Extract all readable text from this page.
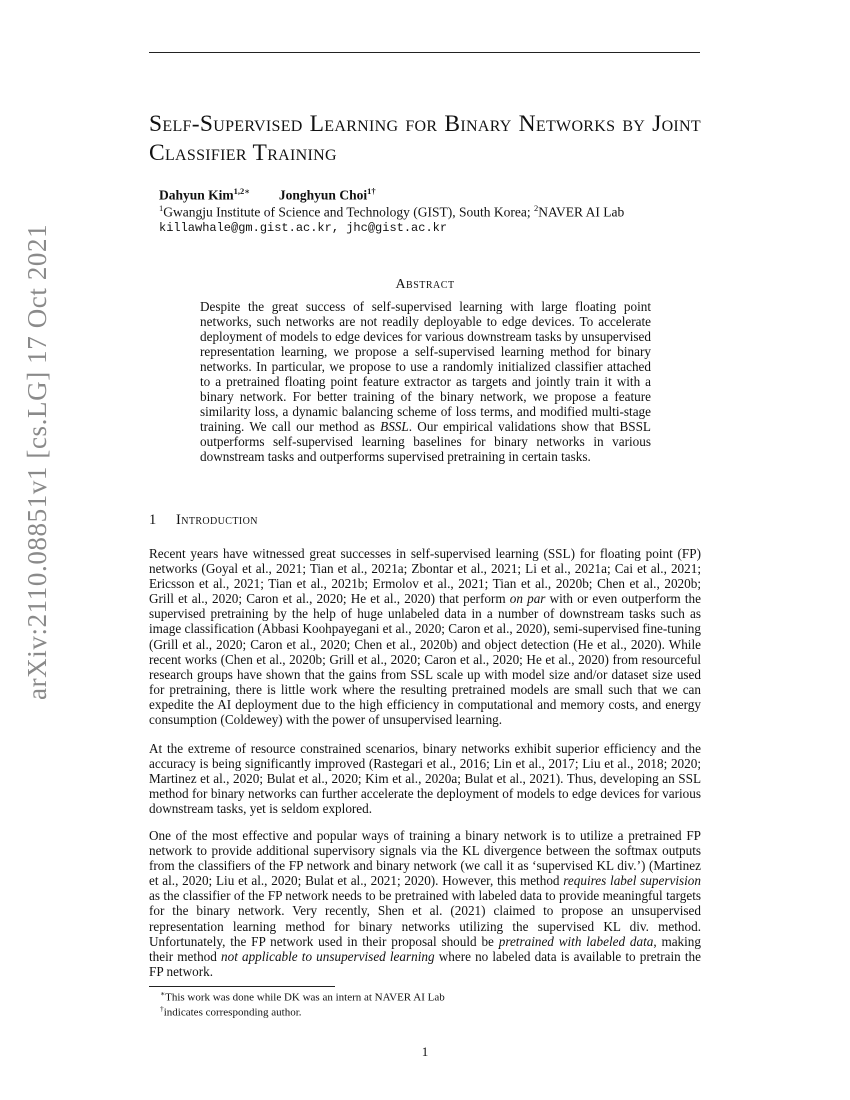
arXiv:2110.08851v1 [cs.LG] 17 Oct 2021
Self-Supervised Learning for Binary Networks by Joint Classifier Training
Dahyun Kim$^{1,2∗}$ Jonghyun Choi$^{1\dagger}$
$^1$Gwangju Institute of Science and Technology (GIST), South Korea; $^2$NAVER AI Lab
killawhale@gm.gist.ac.kr, jhc@gist.ac.kr
Abstract

Despite the great success of self-supervised learning with large floating point networks, such networks are not readily deployable to edge devices. To accelerate deployment of models to edge devices for various downstream tasks by unsupervised representation learning, we propose a self-supervised learning method for binary networks. In particular, we propose to use a randomly initialized classifier attached to a pretrained floating point feature extractor as targets and jointly train it with a binary network. For better training of the binary network, we propose a feature similarity loss, a dynamic balancing scheme of loss terms, and modified multi-stage training. We call our method as BSSL. Our empirical validations show that BSSL outperforms self-supervised learning baselines for binary networks in various downstream tasks and outperforms supervised pretraining in certain tasks.

1 Introduction

Recent years have witnessed great successes in self-supervised learning (SSL) for floating point (FP) networks (Goyal et al., 2021; Tian et al., 2021a; Zbontar et al., 2021; Li et al., 2021a; Cai et al., 2021; Ericsson et al., 2021; Tian et al., 2021b; Ermolov et al., 2021; Tian et al., 2020b; Chen et al., 2020b; Grill et al., 2020; Caron et al., 2020; He et al., 2020) that perform on par with or even outperform the supervised pretraining by the help of huge unlabeled data in a number of downstream tasks such as image classification (Abbasi Koohpayegani et al., 2020; Caron et al., 2020), semi-supervised fine-tuning (Grill et al., 2020; Caron et al., 2020; Chen et al., 2020b) and object detection (He et al., 2020). While recent works (Chen et al., 2020b; Grill et al., 2020; Caron et al., 2020; He et al., 2020) from resourceful research groups have shown that the gains from SSL scale up with model size and/or dataset size used for pretraining, there is little work where the resulting pretrained models are small such that we can expedite the AI deployment due to the high efficiency in computational and memory costs, and energy consumption (Coldewey) with the power of unsupervised learning.

At the extreme of resource constrained scenarios, binary networks exhibit superior efficiency and the accuracy is being significantly improved (Rastegari et al., 2016; Lin et al., 2017; Liu et al., 2018; 2020; Martinez et al., 2020; Bulat et al., 2020; Kim et al., 2020a; Bulat et al., 2021). Thus, developing an SSL method for binary networks can further accelerate the deployment of models to edge devices for various downstream tasks, yet is seldom explored.

One of the most effective and popular ways of training a binary network is to utilize a pretrained FP network to provide additional supervisory signals via the KL divergence between the softmax outputs from the classifiers of the FP network and binary network (we call it as ‘supervised KL div.’) (Martinez et al., 2020; Liu et al., 2020; Bulat et al., 2021; 2020). However, this method requires label supervision as the classifier of the FP network needs to be pretrained with labeled data to provide meaningful targets for the binary network. Very recently, Shen et al. (2021) claimed to propose an unsupervised representation learning method for binary networks utilizing the supervised KL div. method. Unfortunately, the FP network used in their proposal should be pretrained with labeled data, making their method not applicable to unsupervised learning where no labeled data is available to pretrain the FP network.

∗This work was done while DK was an intern at NAVER AI Lab
†indicates corresponding author.
1
